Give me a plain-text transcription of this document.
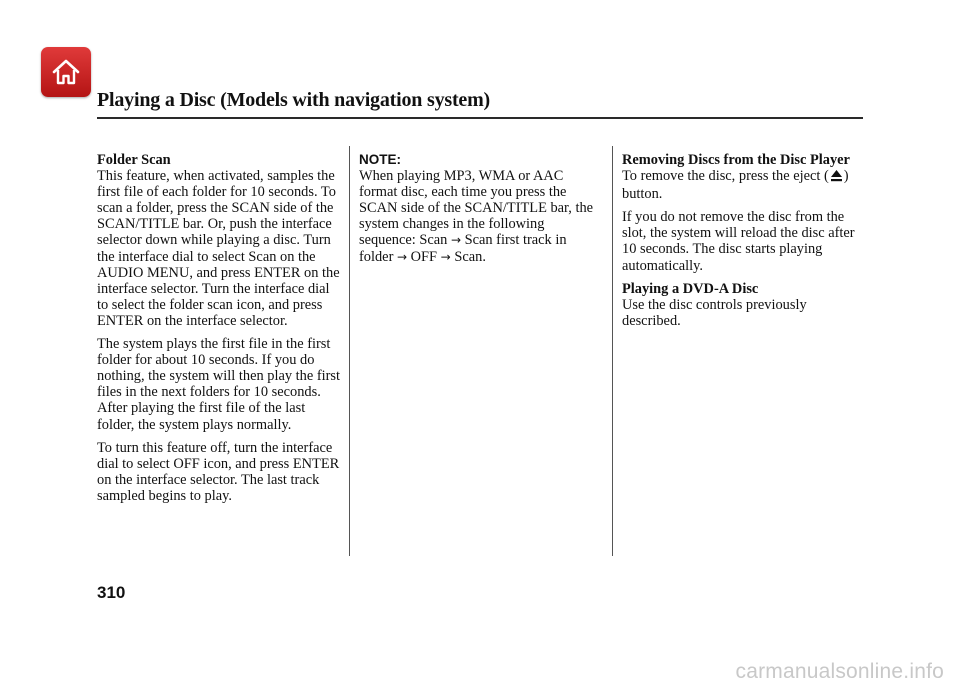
Playing a Disc (Models with navigation system)
Folder Scan

This feature, when activated, samples the first file of each folder for 10 seconds. To scan a folder, press the SCAN side of the SCAN/TITLE bar. Or, push the interface selector down while playing a disc. Turn the interface dial to select Scan on the AUDIO MENU, and press ENTER on the interface selector. Turn the interface dial to select the folder scan icon, and press ENTER on the interface selector.

The system plays the first file in the first folder for about 10 seconds. If you do nothing, the system will then play the first files in the next folders for 10 seconds. After playing the first file of the last folder, the system plays normally.

To turn this feature off, turn the interface dial to select OFF icon, and press ENTER on the interface selector. The last track sampled begins to play.

NOTE:

When playing MP3, WMA or AAC format disc, each time you press the SCAN side of the SCAN/TITLE bar, the system changes in the following sequence: Scan → Scan first track in folder → OFF → Scan.

Removing Discs from the Disc Player

To remove the disc, press the eject ( ) button.

If you do not remove the disc from the slot, the system will reload the disc after 10 seconds. The disc starts playing automatically.

Playing a DVD-A Disc

Use the disc controls previously described.

310
carmanualsonline.info
